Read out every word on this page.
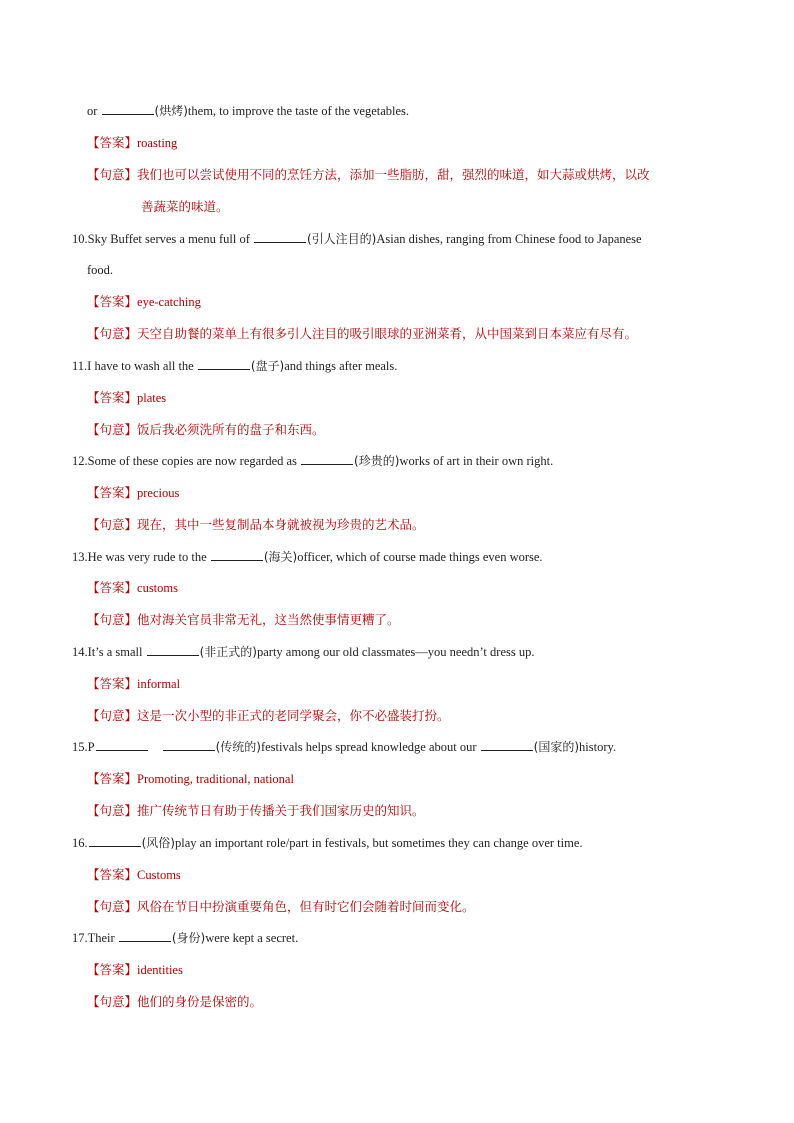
or	(烘烤)them, to improve the taste of the vegetables.
【答案】roasting
【句意】我们也可以尝试使用不同的烹饪方法，添加一些脂肪，甜，强烈的味道，如大蒜或烘烤，以改
善蔬菜的味道。
10.Sky Buffet serves a menu full of	(引人注目的)Asian dishes, ranging from Chinese food to Japanese
food.
【答案】eye-catching
【句意】天空自助餐的菜单上有很多引人注目的吸引眼球的亚洲菜肴，从中国菜到日本菜应有尽有。
11.I have to wash all the	(盘子)and things after meals.
【答案】plates
【句意】饭后我必须洗所有的盘子和东西。
12.Some of these copies are now regarded as	(珍贵的)works of art in their own right.
【答案】precious
【句意】现在，其中一些复制品本身就被视为珍贵的艺术品。
13.He was very rude to the	(海关)officer, which of course made things even worse.
【答案】customs
【句意】他对海关官员非常无礼，这当然使事情更糟了。
14.It’s a small	(非正式的)party among our old classmates—you needn’t dress up.
【答案】informal
【句意】这是一次小型的非正式的老同学聚会，你不必盛装打扮。
15.P	(传统的)festivals helps spread knowledge about our	(国家的)history.
【答案】Promoting, traditional, national
【句意】推广传统节日有助于传播关于我们国家历史的知识。
16.	(风俗)play an important role/part in festivals, but sometimes they can change over time.
【答案】Customs
【句意】风俗在节日中扮演重要角色，但有时它们会随着时间而变化。
17.Their	(身份)were kept a secret.
【答案】identities
【句意】他们的身份是保密的。
